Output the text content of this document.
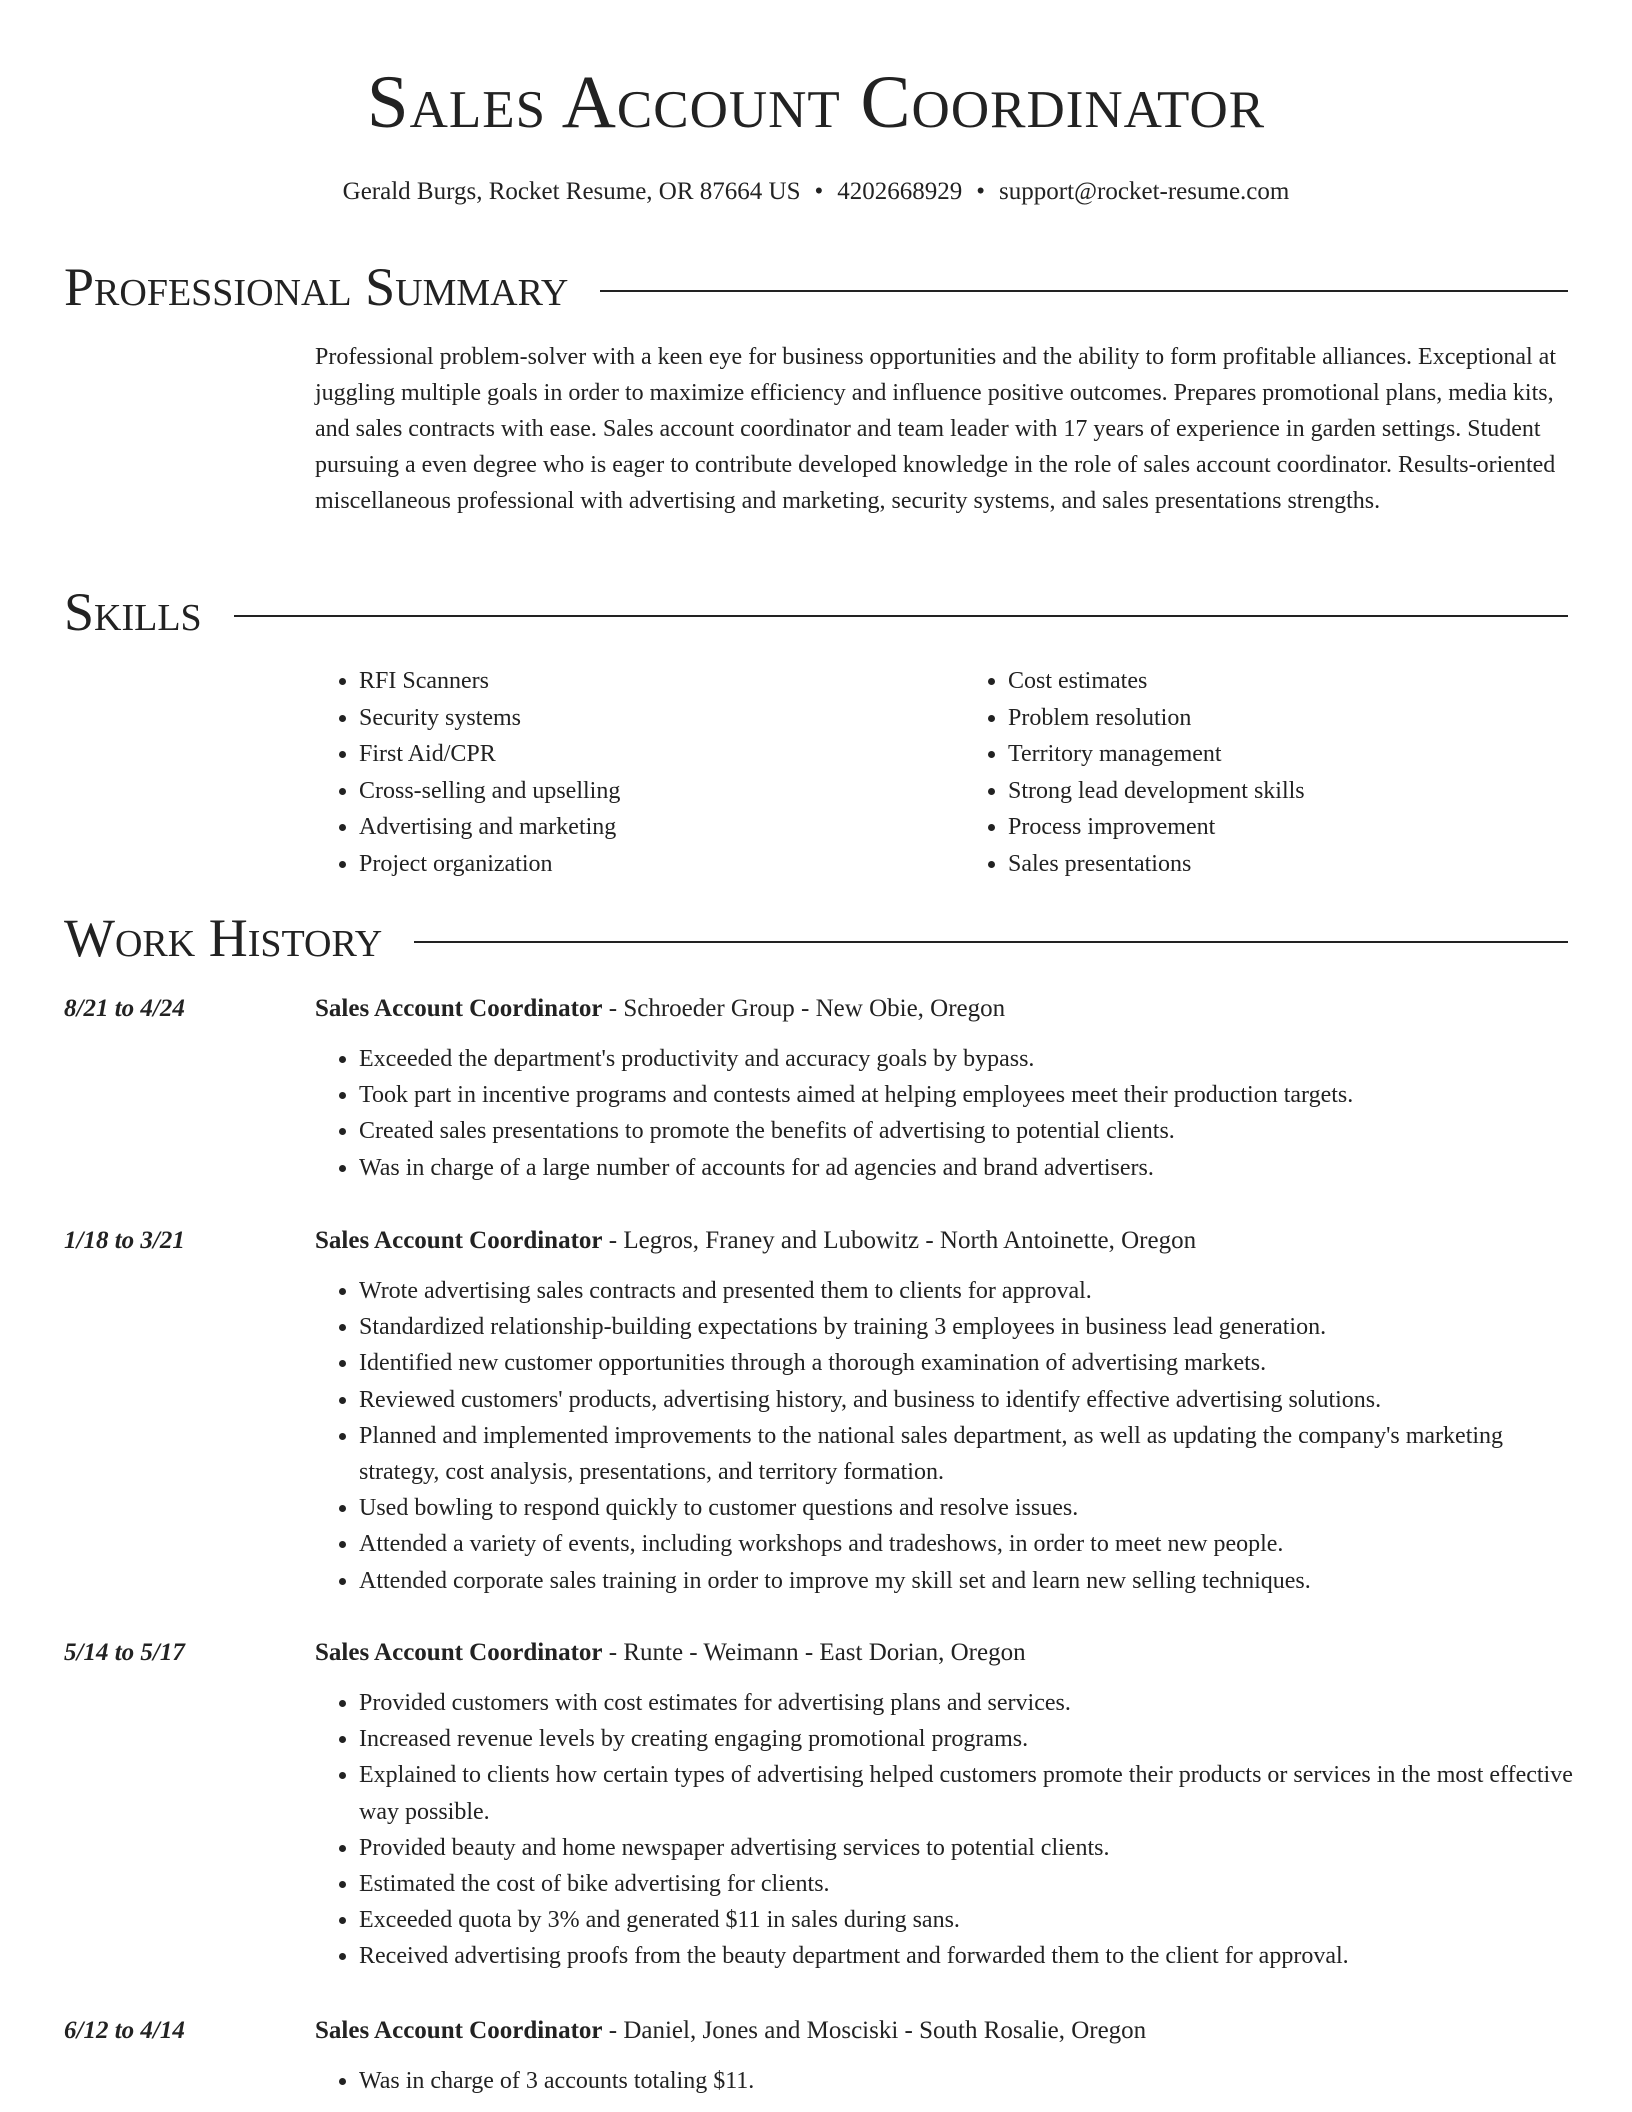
Sales Account Coordinator
Gerald Burgs, Rocket Resume, OR 87664 US • 4202668929 • support@rocket-resume.com
Professional Summary
Professional problem-solver with a keen eye for business opportunities and the ability to form profitable alliances. Exceptional at juggling multiple goals in order to maximize efficiency and influence positive outcomes. Prepares promotional plans, media kits, and sales contracts with ease. Sales account coordinator and team leader with 17 years of experience in garden settings. Student pursuing a even degree who is eager to contribute developed knowledge in the role of sales account coordinator. Results-oriented miscellaneous professional with advertising and marketing, security systems, and sales presentations strengths.
Skills
• RFI Scanners
• Security systems
• First Aid/CPR
• Cross-selling and upselling
• Advertising and marketing
• Project organization
• Cost estimates
• Problem resolution
• Territory management
• Strong lead development skills
• Process improvement
• Sales presentations
Work History
8/21 to 4/24	Sales Account Coordinator - Schroeder Group - New Obie, Oregon
• Exceeded the department's productivity and accuracy goals by bypass.
• Took part in incentive programs and contests aimed at helping employees meet their production targets.
• Created sales presentations to promote the benefits of advertising to potential clients.
• Was in charge of a large number of accounts for ad agencies and brand advertisers.
1/18 to 3/21	Sales Account Coordinator - Legros, Franey and Lubowitz - North Antoinette, Oregon
• Wrote advertising sales contracts and presented them to clients for approval.
• Standardized relationship-building expectations by training 3 employees in business lead generation.
• Identified new customer opportunities through a thorough examination of advertising markets.
• Reviewed customers' products, advertising history, and business to identify effective advertising solutions.
• Planned and implemented improvements to the national sales department, as well as updating the company's marketing strategy, cost analysis, presentations, and territory formation.
• Used bowling to respond quickly to customer questions and resolve issues.
• Attended a variety of events, including workshops and tradeshows, in order to meet new people.
• Attended corporate sales training in order to improve my skill set and learn new selling techniques.
5/14 to 5/17	Sales Account Coordinator - Runte - Weimann - East Dorian, Oregon
• Provided customers with cost estimates for advertising plans and services.
• Increased revenue levels by creating engaging promotional programs.
• Explained to clients how certain types of advertising helped customers promote their products or services in the most effective way possible.
• Provided beauty and home newspaper advertising services to potential clients.
• Estimated the cost of bike advertising for clients.
• Exceeded quota by 3% and generated $11 in sales during sans.
• Received advertising proofs from the beauty department and forwarded them to the client for approval.
6/12 to 4/14	Sales Account Coordinator - Daniel, Jones and Mosciski - South Rosalie, Oregon
• Was in charge of 3 accounts totaling $11.
